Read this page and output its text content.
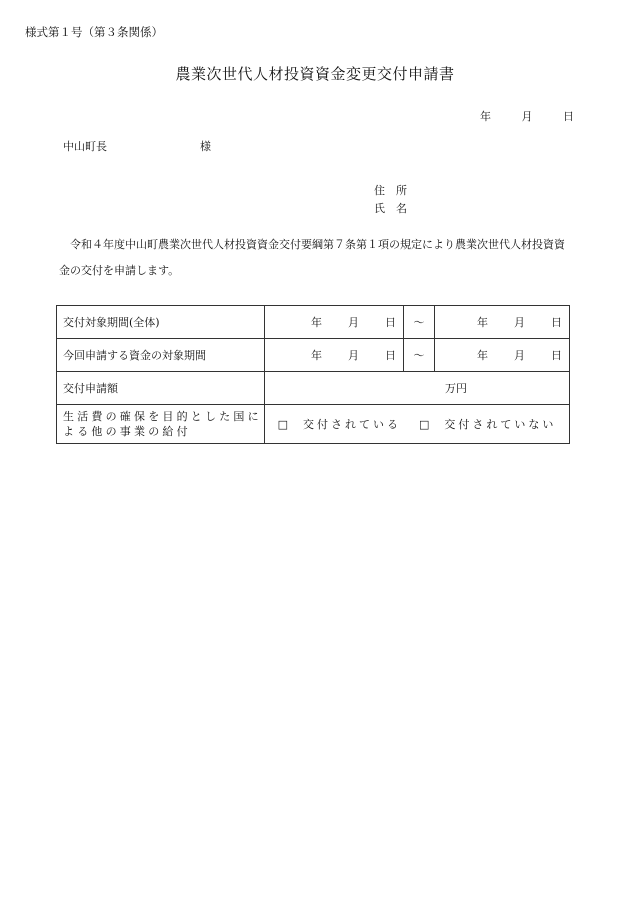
様式第１号（第３条関係）
農業次世代人材投資資金変更交付申請書
年	月	日
中山町長	様
住　所
氏　名
令和４年度中山町農業次世代人材投資資金交付要綱第７条第１項の規定により農業次世代人材投資資金の交付を申請します。
交付対象期間(全体)	年 月 日	～	年 月 日

今回申請する資金の対象期間	年 月 日	～	年 月 日

交付申請額	万円		
生活費の確保を目的とした国による他の事業の給付	□ 交付されている □ 交付されていない		
